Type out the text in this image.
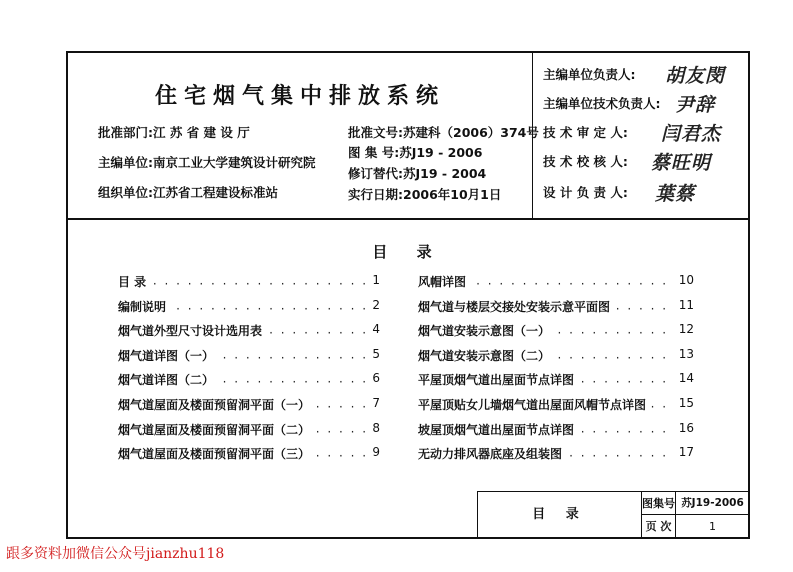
住宅烟气集中排放系统
批准部门:江 苏 省 建 设 厅
主编单位:南京工业大学建筑设计研究院
组织单位:江苏省工程建设标准站
批准文号:苏建科（2006）374号
图 集 号:苏J19 - 2006
修订替代:苏J19 - 2004
实行日期:2006年10月1日
主编单位负责人: 胡友閔
主编单位技术负责人: 尹辞
技 术 审 定 人: 闫君杰
技 术 校 核 人: 蔡旺明
设 计 负 责 人: 葉蔡
目 录
· · ·
目 录	1
· · ·
编制说明	2
· · ·
烟气道外型尺寸设计选用表	4
· · ·
烟气道详图（一）	5
· · ·
烟气道详图（二）	6
· · ·
烟气道屋面及楼面预留洞平面（一）	7
· · ·
烟气道屋面及楼面预留洞平面（二）	8
· · ·
烟气道屋面及楼面预留洞平面（三）	9
· · ·
风帽详图	10
· · ·
烟气道与楼层交接处安装示意平面图	11
· · ·
烟气道安装示意图（一）	12
· · ·
烟气道安装示意图（二）	13
· · ·
平屋顶烟气道出屋面节点详图	14
· · ·
平屋顶贴女儿墙烟气道出屋面风帽节点详图	15
· · ·
坡屋顶烟气道出屋面节点详图	16
· · ·
无动力排风器底座及组装图	17
目 录
图集号 苏J19-2006
页 次	1
跟多资料加微信公众号jianzhu118
